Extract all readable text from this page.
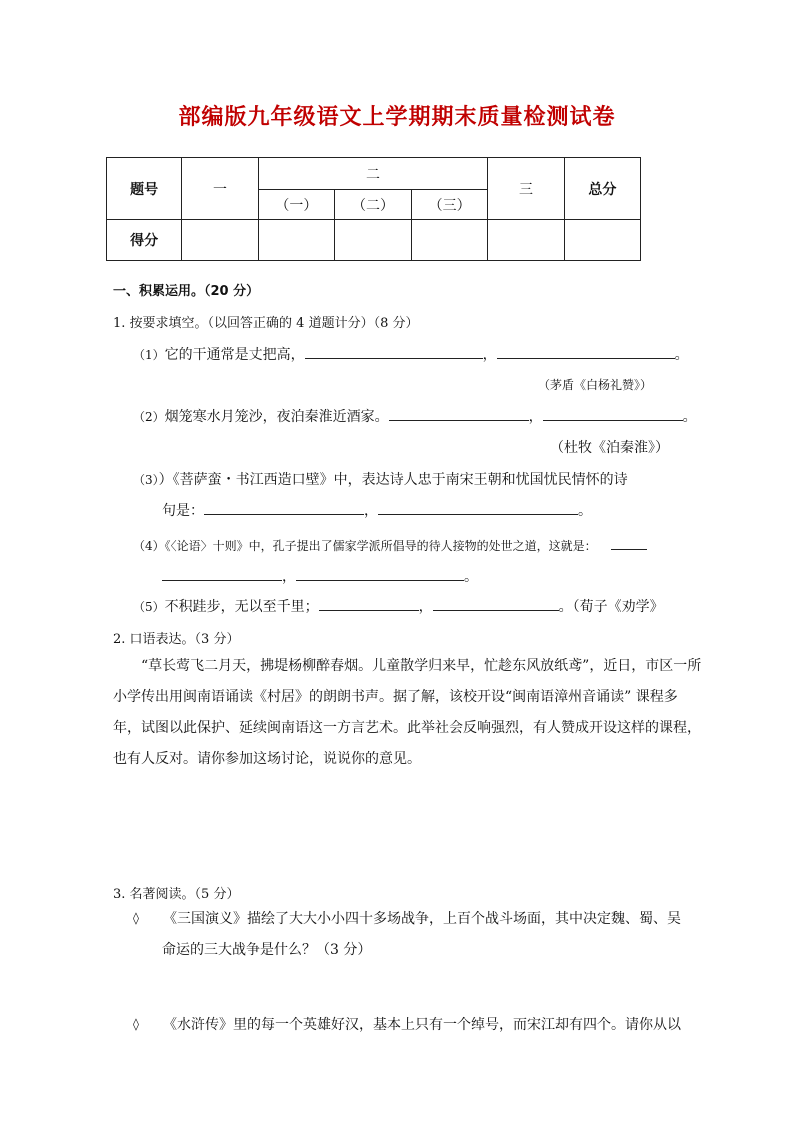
部编版九年级语文上学期期末质量检测试卷
题号	一	二			三	总分
		（一）	（二）	（三）		
得分						
一、积累运用。（20 分）
1. 按要求填空。（以回答正确的 4 道题计分）（8 分）
（1）它的干通常是丈把高，	，	。
（茅盾《白杨礼赞》）
（2）烟笼寒水月笼沙，夜泊秦淮近酒家。	，	。
（杜牧《泊秦淮》）
（3））《菩萨蛮・书江西造口壁》中，表达诗人忠于南宋王朝和忧国忧民情怀的诗
句是：	，	。
（4）《〈论语〉十则》中，孔子提出了儒家学派所倡导的待人接物的处世之道，这就是：
，	。
（5）不积跬步，无以至千里；	，	。（荀子《劝学》
2. 口语表达。（3 分）
“草长莺飞二月天，拂堤杨柳醉春烟。儿童散学归来早，忙趁东风放纸鸢”，近日，市区一所小学传出用闽南语诵读《村居》的朗朗书声。据了解，该校开设“闽南语漳州音诵读” 课程多年，试图以此保护、延续闽南语这一方言艺术。此举社会反响强烈，有人赞成开设这样的课程，也有人反对。请你参加这场讨论，说说你的意见。
3. 名著阅读。（5 分）
◊ 《三国演义》描绘了大大小小四十多场战争，上百个战斗场面，其中决定魏、蜀、吴
命运的三大战争是什么？（3 分）
◊ 《水浒传》里的每一个英雄好汉，基本上只有一个绰号，而宋江却有四个。请你从以
